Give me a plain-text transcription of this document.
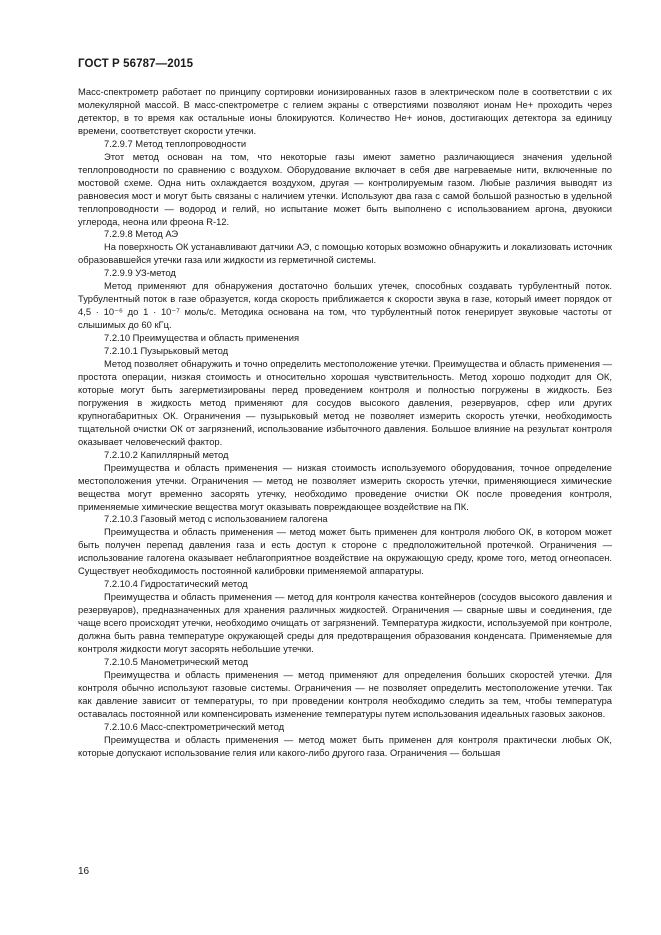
ГОСТ Р 56787—2015

Масс-спектрометр работает по принципу сортировки ионизированных газов в электрическом поле в соответствии с их молекулярной массой. В масс-спектрометре с гелием экраны с отверстиями позволяют ионам He+ проходить через детектор, в то время как остальные ионы блокируются. Количество He+ ионов, достигающих детектора за единицу времени, соответствует скорости утечки.

7.2.9.7 Метод теплопроводности

Этот метод основан на том, что некоторые газы имеют заметно различающиеся значения удельной теплопроводности по сравнению с воздухом. Оборудование включает в себя две нагреваемые нити, включенные по мостовой схеме. Одна нить охлаждается воздухом, другая — контролируемым газом. Любые различия выводят из равновесия мост и могут быть связаны с наличием утечки. Используют два газа с самой большой разностью в удельной теплопроводности — водород и гелий, но испытание может быть выполнено с использованием аргона, двуокиси углерода, неона или фреона R-12.

7.2.9.8 Метод АЭ

На поверхность ОК устанавливают датчики АЭ, с помощью которых возможно обнаружить и локализовать источник образовавшейся утечки газа или жидкости из герметичной системы.

7.2.9.9 УЗ-метод

Метод применяют для обнаружения достаточно больших утечек, способных создавать турбулентный поток. Турбулентный поток в газе образуется, когда скорость приближается к скорости звука в газе, который имеет порядок от 4,5 · 10⁻⁶ до 1 · 10⁻⁷ моль/с. Методика основана на том, что турбулентный поток генерирует звуковые частоты от слышимых до 60 кГц.

7.2.10 Преимущества и область применения

7.2.10.1 Пузырьковый метод

Метод позволяет обнаружить и точно определить местоположение утечки. Преимущества и область применения — простота операции, низкая стоимость и относительно хорошая чувствительность. Метод хорошо подходит для ОК, которые могут быть загерметизированы перед проведением контроля и полностью погружены в жидкость. Без погружения в жидкость метод применяют для сосудов высокого давления, резервуаров, сфер или других крупногабаритных ОК. Ограничения — пузырьковый метод не позволяет измерить скорость утечки, необходимость тщательной очистки ОК от загрязнений, использование избыточного давления. Большое влияние на результат контроля оказывает человеческий фактор.

7.2.10.2 Капиллярный метод

Преимущества и область применения — низкая стоимость используемого оборудования, точное определение местоположения утечки. Ограничения — метод не позволяет измерить скорость утечки, применяющиеся химические вещества могут временно засорять утечку, необходимо проведение очистки ОК после проведения контроля, применяемые химические вещества могут оказывать повреждающее воздействие на ПК.

7.2.10.3 Газовый метод с использованием галогена

Преимущества и область применения — метод может быть применен для контроля любого ОК, в котором может быть получен перепад давления газа и есть доступ к стороне с предположительной протечкой. Ограничения — использование галогена оказывает неблагоприятное воздействие на окружающую среду, кроме того, метод огнеопасен. Существует необходимость постоянной калибровки применяемой аппаратуры.

7.2.10.4 Гидростатический метод

Преимущества и область применения — метод для контроля качества контейнеров (сосудов высокого давления и резервуаров), предназначенных для хранения различных жидкостей. Ограничения — сварные швы и соединения, где чаще всего происходят утечки, необходимо очищать от загрязнений. Температура жидкости, используемой при контроле, должна быть равна температуре окружающей среды для предотвращения образования конденсата. Применяемые для контроля жидкости могут засорять небольшие утечки.

7.2.10.5 Манометрический метод

Преимущества и область применения — метод применяют для определения больших скоростей утечки. Для контроля обычно используют газовые системы. Ограничения — не позволяет определить местоположение утечки. Так как давление зависит от температуры, то при проведении контроля необходимо следить за тем, чтобы температура оставалась постоянной или компенсировать изменение температуры путем использования идеальных газовых законов.

7.2.10.6 Масс-спектрометрический метод

Преимущества и область применения — метод может быть применен для контроля практически любых ОК, которые допускают использование гелия или какого-либо другого газа. Ограничения — большая

16
